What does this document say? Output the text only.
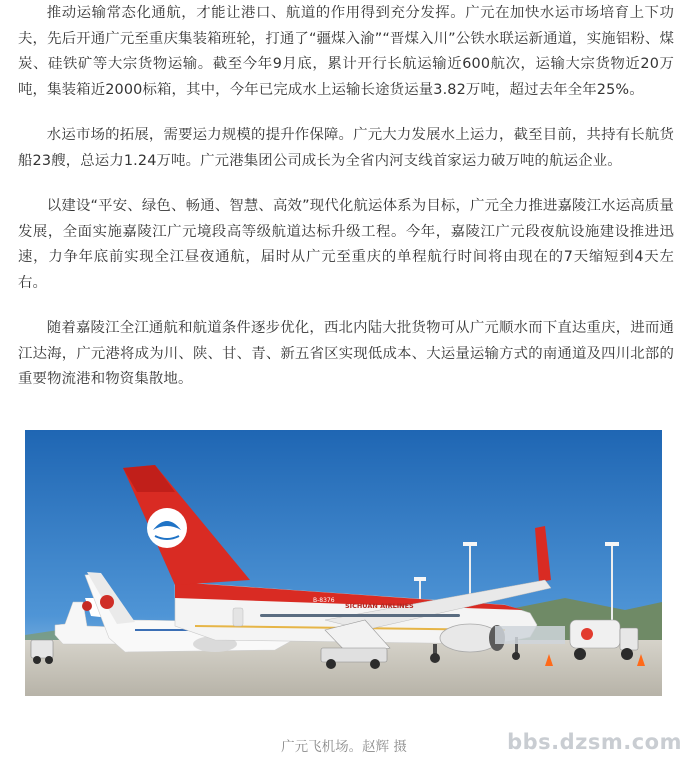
推动运输常态化通航，才能让港口、航道的作用得到充分发挥。广元在加快水运市场培育上下功夫，先后开通广元至重庆集装箱班轮，打通了“疆煤入渝”“晋煤入川”公铁水联运新通道，实施铝粉、煤炭、硅铁矿等大宗货物运输。截至今年9月底，累计开行长航运输近600航次，运输大宗货物近20万吨，集装箱近2000标箱，其中，今年已完成水上运输长途货运量3.82万吨，超过去年全年25%。

水运市场的拓展，需要运力规模的提升作保障。广元大力发展水上运力，截至目前，共持有长航货船23艘，总运力1.24万吨。广元港集团公司成长为全省内河支线首家运力破万吨的航运企业。

以建设“平安、绿色、畅通、智慧、高效”现代化航运体系为目标，广元全力推进嘉陵江水运高质量发展，全面实施嘉陵江广元境段高等级航道达标升级工程。今年，嘉陵江广元段夜航设施建设推进迅速，力争年底前实现全江昼夜通航，届时从广元至重庆的单程航行时间将由现在的7天缩短到4天左右。

随着嘉陵江全江通航和航道条件逐步优化，西北内陆大批货物可从广元顺水而下直达重庆，进而通江达海，广元港将成为川、陕、甘、青、新五省区实现低成本、大运量运输方式的南通道及四川北部的重要物流港和物资集散地。

SICHUAN AIRLINES
B-8376
广元飞机场。赵辉 摄	bbs.dzsm.com
